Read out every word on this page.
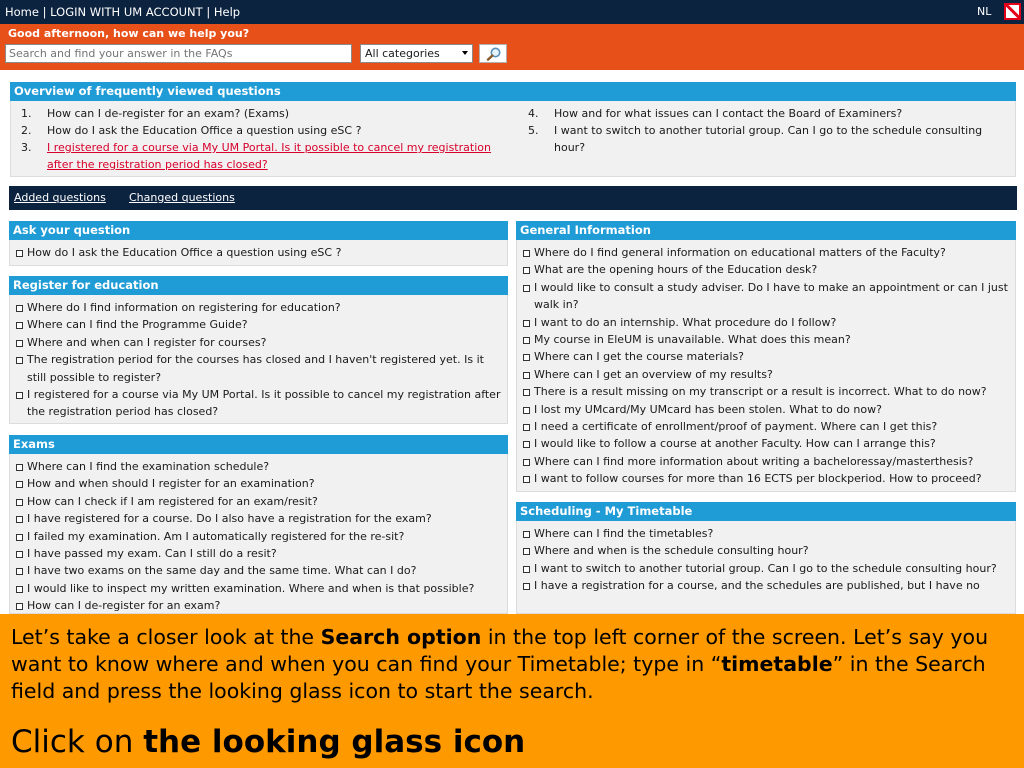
Home | LOGIN WITH UM ACCOUNT | Help	NL
Good afternoon, how can we help you?
Search and find your answer in the FAQs
All categories
Overview of frequently viewed questions
1.	How can I de-register for an exam? (Exams)
2.	How do I ask the Education Office a question using eSC ?
3.	I registered for a course via My UM Portal. Is it possible to cancel my registration after the registration period has closed?
4.	How and for what issues can I contact the Board of Examiners?
5.	I want to switch to another tutorial group. Can I go to the schedule consulting hour?
Added questions Changed questions
Ask your question
How do I ask the Education Office a question using eSC ?
Register for education
Where do I find information on registering for education?
Where can I find the Programme Guide?
Where and when can I register for courses?
The registration period for the courses has closed and I haven't registered yet. Is it still possible to register?
I registered for a course via My UM Portal. Is it possible to cancel my registration after the registration period has closed?
Exams
Where can I find the examination schedule?
How and when should I register for an examination?
How can I check if I am registered for an exam/resit?
I have registered for a course. Do I also have a registration for the exam?
I failed my examination. Am I automatically registered for the re-sit?
I have passed my exam. Can I still do a resit?
I have two exams on the same day and the same time. What can I do?
I would like to inspect my written examination. Where and when is that possible?
How can I de-register for an exam?
General Information
Where do I find general information on educational matters of the Faculty?
What are the opening hours of the Education desk?
I would like to consult a study adviser. Do I have to make an appointment or can I just walk in?
I want to do an internship. What procedure do I follow?
My course in EleUM is unavailable. What does this mean?
Where can I get the course materials?
Where can I get an overview of my results?
There is a result missing on my transcript or a result is incorrect. What to do now?
I lost my UMcard/My UMcard has been stolen. What to do now?
I need a certificate of enrollment/proof of payment. Where can I get this?
I would like to follow a course at another Faculty. How can I arrange this?
Where can I find more information about writing a bacheloressay/masterthesis?
I want to follow courses for more than 16 ECTS per blockperiod. How to proceed?
Scheduling - My Timetable
Where can I find the timetables?
Where and when is the schedule consulting hour?
I want to switch to another tutorial group. Can I go to the schedule consulting hour?
I have a registration for a course, and the schedules are published, but I have no
Let’s take a closer look at the Search option in the top left corner of the screen. Let’s say you want to know where and when you can find your Timetable; type in “timetable” in the Search field and press the looking glass icon to start the search.
Click on the looking glass icon
